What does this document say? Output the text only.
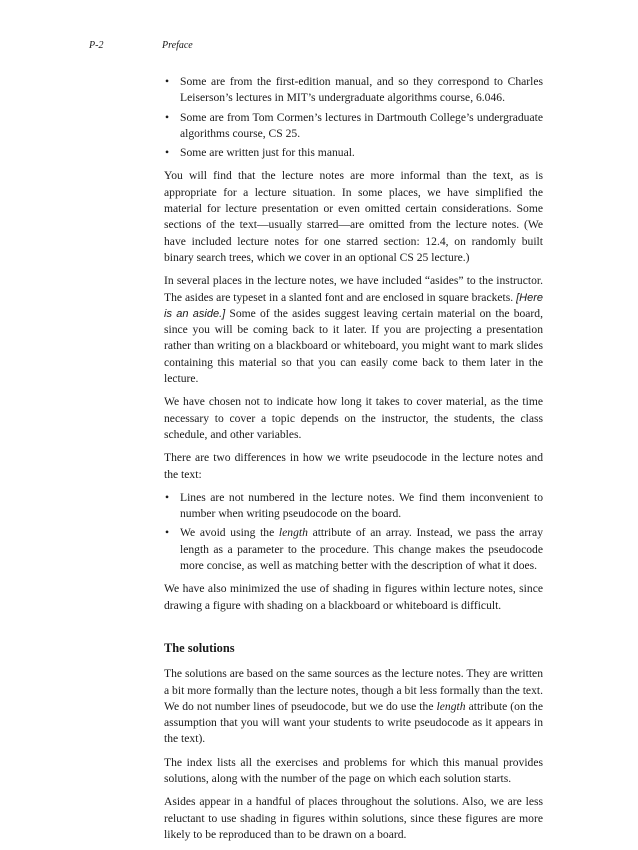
P-2	Preface
• Some are from the first-edition manual, and so they correspond to Charles Leiserson’s lectures in MIT’s undergraduate algorithms course, 6.046.
• Some are from Tom Cormen’s lectures in Dartmouth College’s undergraduate algorithms course, CS 25.
• Some are written just for this manual.

You will find that the lecture notes are more informal than the text, as is appropriate for a lecture situation. In some places, we have simplified the material for lecture presentation or even omitted certain considerations. Some sections of the text—usually starred—are omitted from the lecture notes. (We have included lecture notes for one starred section: 12.4, on randomly built binary search trees, which we cover in an optional CS 25 lecture.)

In several places in the lecture notes, we have included “asides” to the instructor. The asides are typeset in a slanted font and are enclosed in square brackets. [Here is an aside.] Some of the asides suggest leaving certain material on the board, since you will be coming back to it later. If you are projecting a presentation rather than writing on a blackboard or whiteboard, you might want to mark slides containing this material so that you can easily come back to them later in the lecture.

We have chosen not to indicate how long it takes to cover material, as the time necessary to cover a topic depends on the instructor, the students, the class schedule, and other variables.

There are two differences in how we write pseudocode in the lecture notes and the text:

• Lines are not numbered in the lecture notes. We find them inconvenient to number when writing pseudocode on the board.
• We avoid using the length attribute of an array. Instead, we pass the array length as a parameter to the procedure. This change makes the pseudocode more concise, as well as matching better with the description of what it does.

We have also minimized the use of shading in figures within lecture notes, since drawing a figure with shading on a blackboard or whiteboard is difficult.

The solutions

The solutions are based on the same sources as the lecture notes. They are written a bit more formally than the lecture notes, though a bit less formally than the text. We do not number lines of pseudocode, but we do use the length attribute (on the assumption that you will want your students to write pseudocode as it appears in the text).

The index lists all the exercises and problems for which this manual provides solutions, along with the number of the page on which each solution starts.

Asides appear in a handful of places throughout the solutions. Also, we are less reluctant to use shading in figures within solutions, since these figures are more likely to be reproduced than to be drawn on a board.
